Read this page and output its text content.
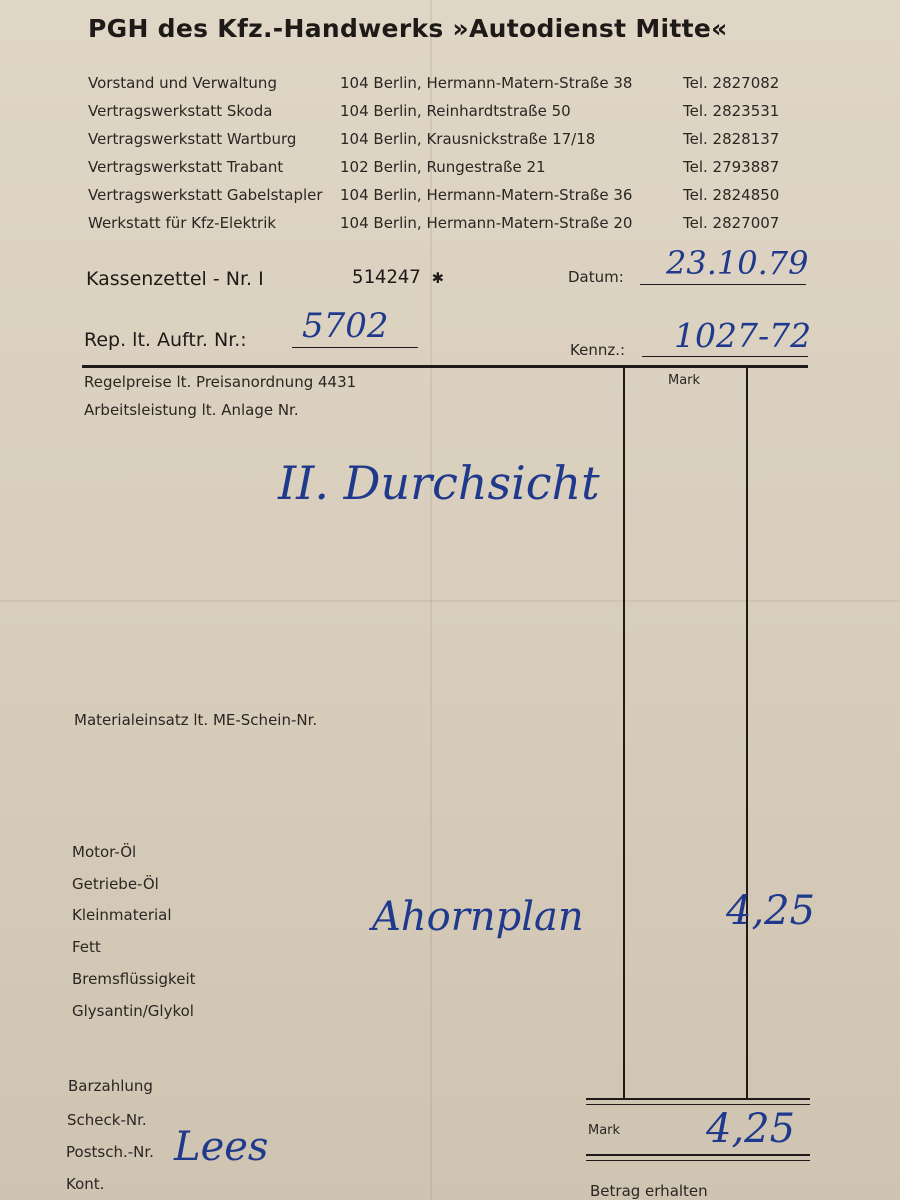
PGH des Kfz.-Handwerks »Autodienst Mitte«
Vorstand und Verwaltung	104 Berlin, Hermann-Matern-Straße 38	Tel. 2827082
Vertragswerkstatt Skoda	104 Berlin, Reinhardtstraße 50	Tel. 2823531
Vertragswerkstatt Wartburg	104 Berlin, Krausnickstraße 17/18	Tel. 2828137
Vertragswerkstatt Trabant	102 Berlin, Rungestraße 21	Tel. 2793887
Vertragswerkstatt Gabelstapler 104 Berlin, Hermann-Matern-Straße 36	Tel. 2824850
Werkstatt für Kfz-Elektrik	104 Berlin, Hermann-Matern-Straße 20	Tel. 2827007
Kassenzettel - Nr. I	514247 ✱	Datum: 23.10.79
Rep. lt. Auftr. Nr.: 5702
Kennz.: 1027-72
Mark
Regelpreise lt. Preisanordnung 4431
Arbeitsleistung lt. Anlage Nr.
II. Durchsicht
Materialeinsatz lt. ME-Schein-Nr.
Motor-Öl
Getriebe-Öl
Kleinmaterial
Fett
Bremsflüssigkeit
Glysantin/Glykol
Ahornplan	4,25
Barzahlung
Scheck-Nr.
Postsch.-Nr.
Kont.
Lees	Mark 4,25
Betrag erhalten
